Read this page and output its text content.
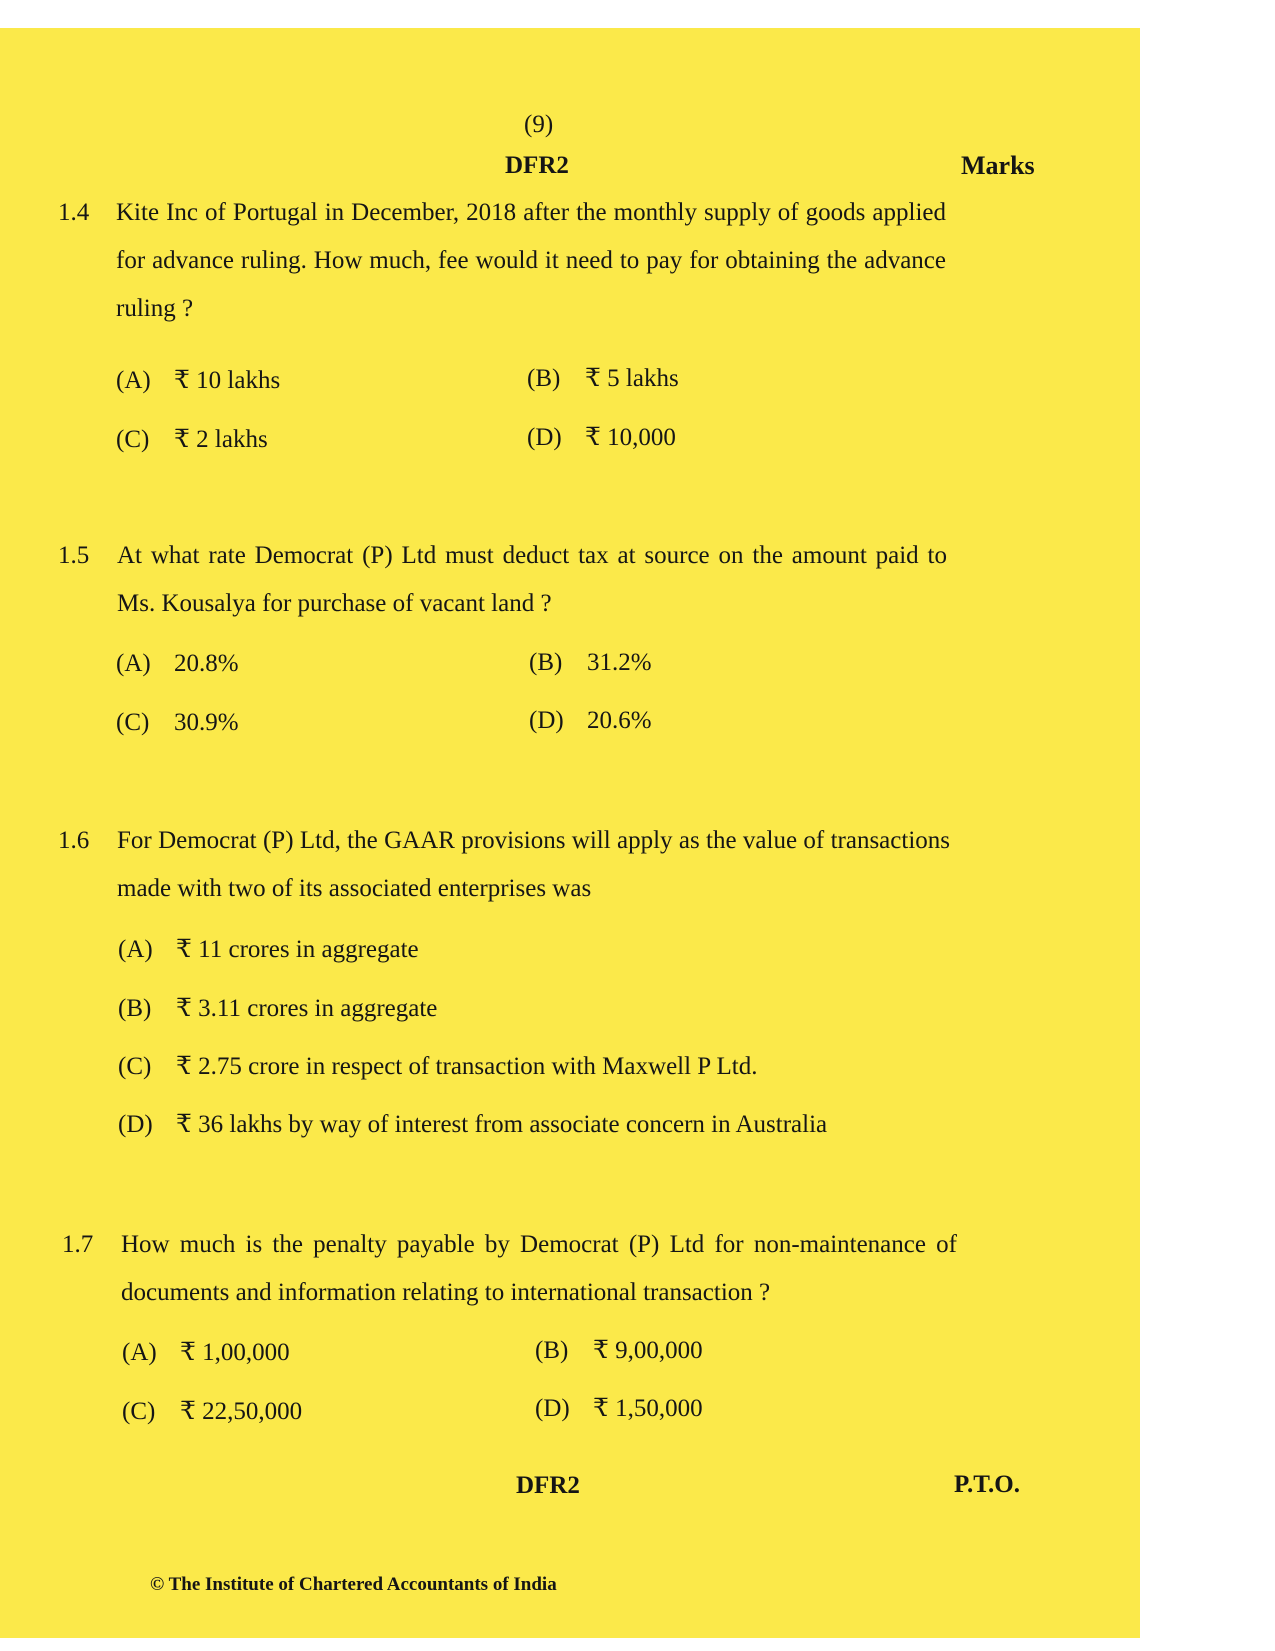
(9)
DFR2	Marks
1.4 Kite Inc of Portugal in December, 2018 after the monthly supply of goods applied for advance ruling. How much, fee would it need to pay for obtaining the advance ruling ?
(A) ₹ 10 lakhs	(B) ₹ 5 lakhs
(C) ₹ 2 lakhs	(D) ₹ 10,000
1.5 At what rate Democrat (P) Ltd must deduct tax at source on the amount paid to Ms. Kousalya for purchase of vacant land ?
(A) 20.8%	(B) 31.2%
(C) 30.9%	(D) 20.6%
1.6 For Democrat (P) Ltd, the GAAR provisions will apply as the value of transactions made with two of its associated enterprises was
(A) ₹ 11 crores in aggregate
(B) ₹ 3.11 crores in aggregate
(C) ₹ 2.75 crore in respect of transaction with Maxwell P Ltd.
(D) ₹ 36 lakhs by way of interest from associate concern in Australia
1.7 How much is the penalty payable by Democrat (P) Ltd for non-maintenance of documents and information relating to international transaction ?
(A) ₹ 1,00,000	(B) ₹ 9,00,000
(C) ₹ 22,50,000	(D) ₹ 1,50,000
DFR2	P.T.O.
© The Institute of Chartered Accountants of India
